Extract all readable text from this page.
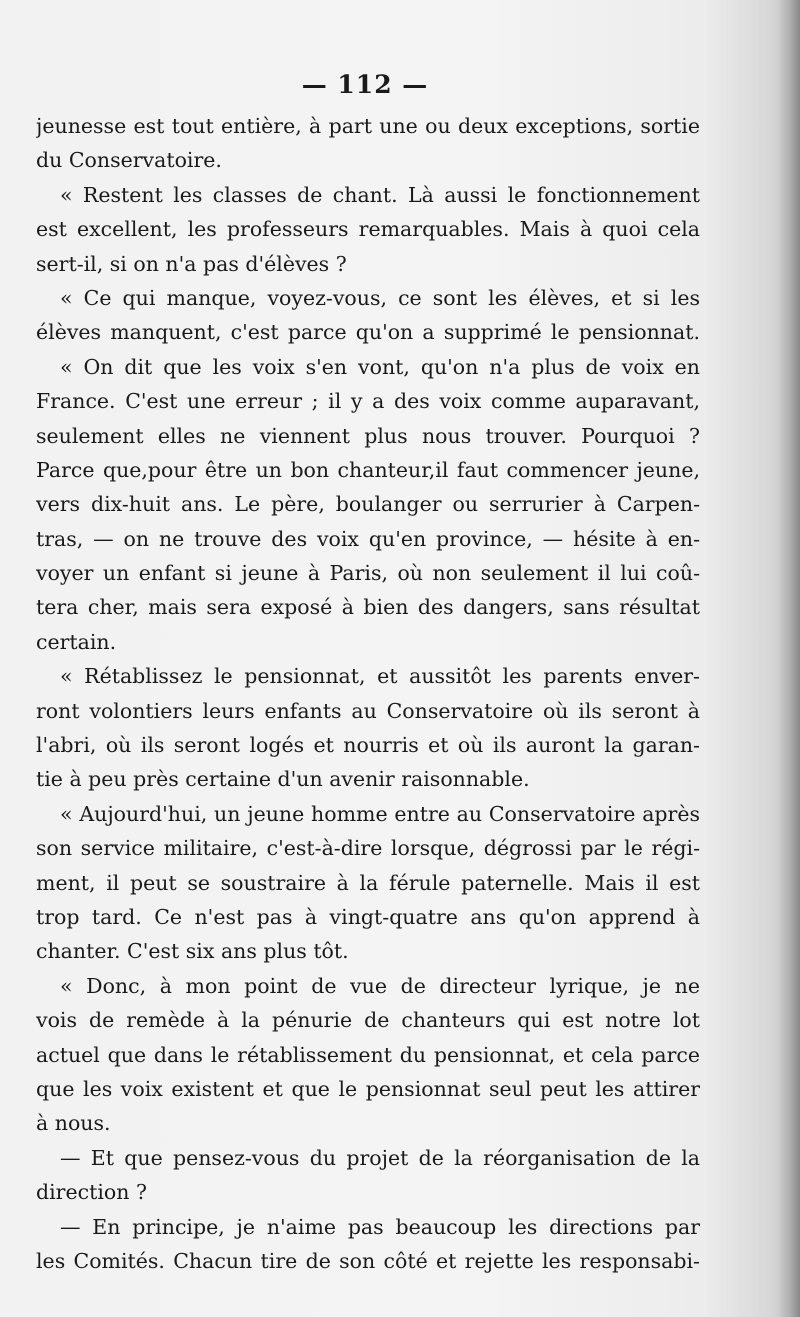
— 112 —
jeunesse est tout entière, à part une ou deux exceptions, sortie
du Conservatoire.
« Restent les classes de chant. Là aussi le fonctionnement
est excellent, les professeurs remarquables. Mais à quoi cela
sert-il, si on n'a pas d'élèves ?
« Ce qui manque, voyez-vous, ce sont les élèves, et si les
élèves manquent, c'est parce qu'on a supprimé le pensionnat.
« On dit que les voix s'en vont, qu'on n'a plus de voix en
France. C'est une erreur ; il y a des voix comme auparavant,
seulement elles ne viennent plus nous trouver. Pourquoi ?
Parce que,pour être un bon chanteur,il faut commencer jeune,
vers dix-huit ans. Le père, boulanger ou serrurier à Carpen-
tras, — on ne trouve des voix qu'en province, — hésite à en-
voyer un enfant si jeune à Paris, où non seulement il lui coû-
tera cher, mais sera exposé à bien des dangers, sans résultat
certain.
« Rétablissez le pensionnat, et aussitôt les parents enver-
ront volontiers leurs enfants au Conservatoire où ils seront à
l'abri, où ils seront logés et nourris et où ils auront la garan-
tie à peu près certaine d'un avenir raisonnable.
« Aujourd'hui, un jeune homme entre au Conservatoire après
son service militaire, c'est-à-dire lorsque, dégrossi par le régi-
ment, il peut se soustraire à la férule paternelle. Mais il est
trop tard. Ce n'est pas à vingt-quatre ans qu'on apprend à
chanter. C'est six ans plus tôt.
« Donc, à mon point de vue de directeur lyrique, je ne
vois de remède à la pénurie de chanteurs qui est notre lot
actuel que dans le rétablissement du pensionnat, et cela parce
que les voix existent et que le pensionnat seul peut les attirer
à nous.
— Et que pensez-vous du projet de la réorganisation de la
direction ?
— En principe, je n'aime pas beaucoup les directions par
les Comités. Chacun tire de son côté et rejette les responsabi-
